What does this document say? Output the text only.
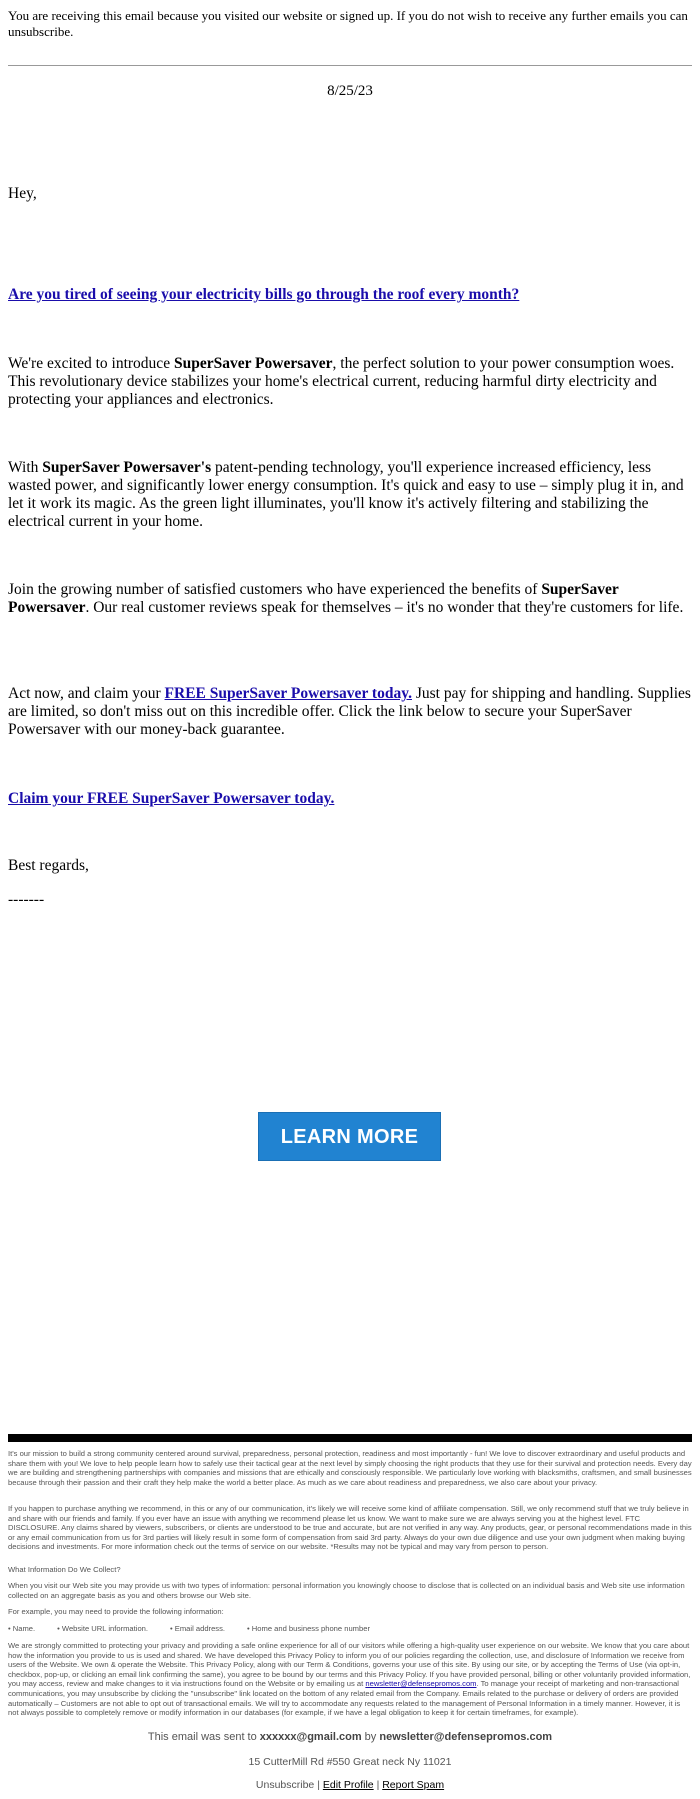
You are receiving this email because you visited our website or signed up. If you do not wish to receive any further emails you can unsubscribe.
8/25/23
Hey,
Are you tired of seeing your electricity bills go through the roof every month?
We're excited to introduce SuperSaver Powersaver, the perfect solution to your power consumption woes. This revolutionary device stabilizes your home's electrical current, reducing harmful dirty electricity and protecting your appliances and electronics.
With SuperSaver Powersaver's patent-pending technology, you'll experience increased efficiency, less wasted power, and significantly lower energy consumption. It's quick and easy to use – simply plug it in, and let it work its magic. As the green light illuminates, you'll know it's actively filtering and stabilizing the electrical current in your home.
Join the growing number of satisfied customers who have experienced the benefits of SuperSaver Powersaver. Our real customer reviews speak for themselves – it's no wonder that they're customers for life.
Act now, and claim your FREE SuperSaver Powersaver today. Just pay for shipping and handling. Supplies are limited, so don't miss out on this incredible offer. Click the link below to secure your SuperSaver Powersaver with our money-back guarantee.
Claim your FREE SuperSaver Powersaver today.
Best regards,
-------
LEARN MORE
It's our mission to build a strong community centered around survival, preparedness, personal protection, readiness and most importantly - fun! We love to discover extraordinary and useful products and share them with you! We love to help people learn how to safely use their tactical gear at the next level by simply choosing the right products that they use for their survival and protection needs. Every day we are building and strengthening partnerships with companies and missions that are ethically and consciously responsible. We particularly love working with blacksmiths, craftsmen, and small businesses because through their passion and their craft they help make the world a better place. As much as we care about readiness and preparedness, we also care about your privacy.
If you happen to purchase anything we recommend, in this or any of our communication, it's likely we will receive some kind of affiliate compensation. Still, we only recommend stuff that we truly believe in and share with our friends and family. If you ever have an issue with anything we recommend please let us know. We want to make sure we are always serving you at the highest level. FTC DISCLOSURE. Any claims shared by viewers, subscribers, or clients are understood to be true and accurate, but are not verified in any way. Any products, gear, or personal recommendations made in this or any email communication from us for 3rd parties will likely result in some form of compensation from said 3rd party. Always do your own due diligence and use your own judgment when making buying decisions and investments. For more information check out the terms of service on our website. *Results may not be typical and may vary from person to person.
What Information Do We Collect?
When you visit our Web site you may provide us with two types of information: personal information you knowingly choose to disclose that is collected on an individual basis and Web site use information collected on an aggregate basis as you and others browse our Web site.
For example, you may need to provide the following information:
• Name.	• Website URL information.	• Email address.	• Home and business phone number
We are strongly committed to protecting your privacy and providing a safe online experience for all of our visitors while offering a high-quality user experience on our website. We know that you care about how the information you provide to us is used and shared. We have developed this Privacy Policy to inform you of our policies regarding the collection, use, and disclosure of Information we receive from users of the Website. We own & operate the Website. This Privacy Policy, along with our Term & Conditions, governs your use of this site. By using our site, or by accepting the Terms of Use (via opt-in, checkbox, pop-up, or clicking an email link confirming the same), you agree to be bound by our terms and this Privacy Policy. If you have provided personal, billing or other voluntarily provided information, you may access, review and make changes to it via instructions found on the Website or by emailing us at newsletter@defensepromos.com. To manage your receipt of marketing and non-transactional communications, you may unsubscribe by clicking the "unsubscribe" link located on the bottom of any related email from the Company. Emails related to the purchase or delivery of orders are provided automatically – Customers are not able to opt out of transactional emails. We will try to accommodate any requests related to the management of Personal Information in a timely manner. However, it is not always possible to completely remove or modify information in our databases (for example, if we have a legal obligation to keep it for certain timeframes, for example).
This email was sent to xxxxxx@gmail.com by newsletter@defensepromos.com
15 CutterMill Rd #550 Great neck Ny 11021
Unsubscribe | Edit Profile | Report Spam
